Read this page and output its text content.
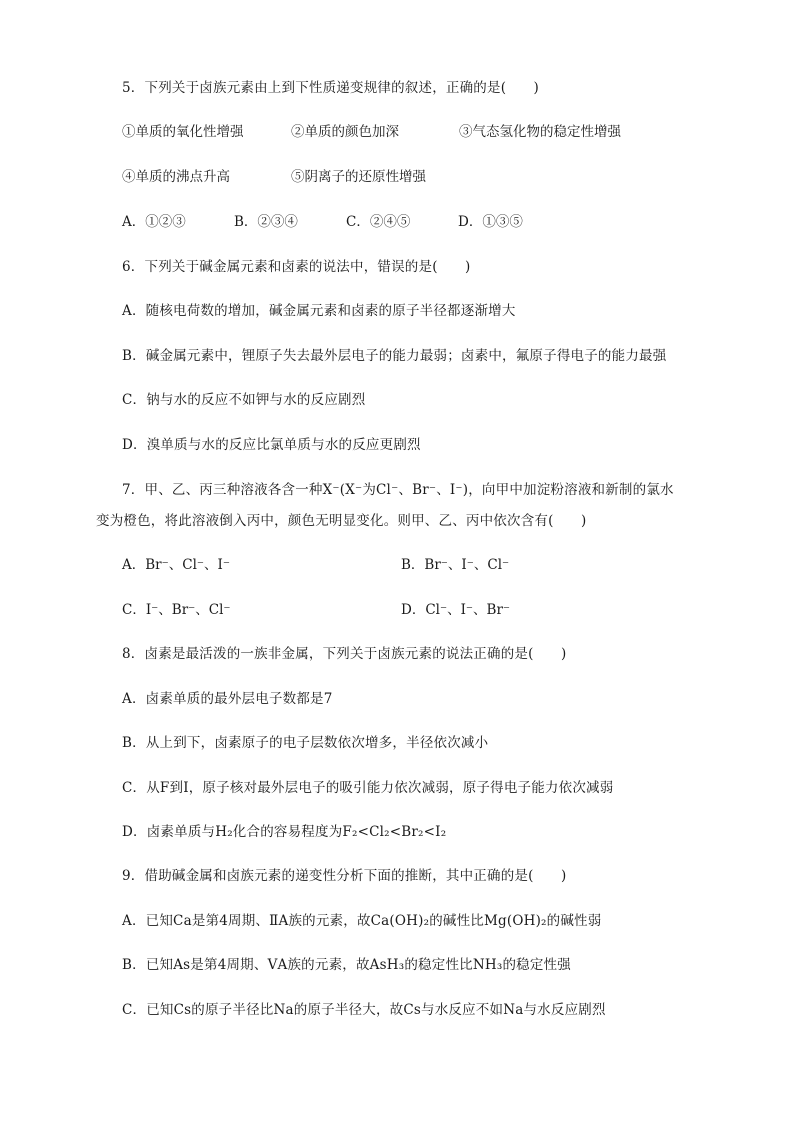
5．下列关于卤族元素由上到下性质递变规律的叙述，正确的是(　　)
①单质的氧化性增强	②单质的颜色加深	③气态氢化物的稳定性增强
④单质的沸点升高	⑤阴离子的还原性增强
A．①②③	B．②③④	C．②④⑤	D．①③⑤
6．下列关于碱金属元素和卤素的说法中，错误的是(　　)
A．随核电荷数的增加，碱金属元素和卤素的原子半径都逐渐增大
B．碱金属元素中，锂原子失去最外层电子的能力最弱；卤素中，氟原子得电子的能力最强
C．钠与水的反应不如钾与水的反应剧烈
D．溴单质与水的反应比氯单质与水的反应更剧烈
7．甲、乙、丙三种溶液各含一种X⁻(X⁻为Cl⁻、Br⁻、I⁻)，向甲中加淀粉溶液和新制的氯水
变为橙色，将此溶液倒入丙中，颜色无明显变化。则甲、乙、丙中依次含有(　　)
A．Br⁻、Cl⁻、I⁻	B．Br⁻、I⁻、Cl⁻
C．I⁻、Br⁻、Cl⁻	D．Cl⁻、I⁻、Br⁻
8．卤素是最活泼的一族非金属，下列关于卤族元素的说法正确的是(　　)
A．卤素单质的最外层电子数都是7
B．从上到下，卤素原子的电子层数依次增多，半径依次减小
C．从F到I，原子核对最外层电子的吸引能力依次减弱，原子得电子能力依次减弱
D．卤素单质与H₂化合的容易程度为F₂<Cl₂<Br₂<I₂
9．借助碱金属和卤族元素的递变性分析下面的推断，其中正确的是(　　)
A．已知Ca是第4周期、ⅡA族的元素，故Ca(OH)₂的碱性比Mg(OH)₂的碱性弱
B．已知As是第4周期、ⅤA族的元素，故AsH₃的稳定性比NH₃的稳定性强
C．已知Cs的原子半径比Na的原子半径大，故Cs与水反应不如Na与水反应剧烈
